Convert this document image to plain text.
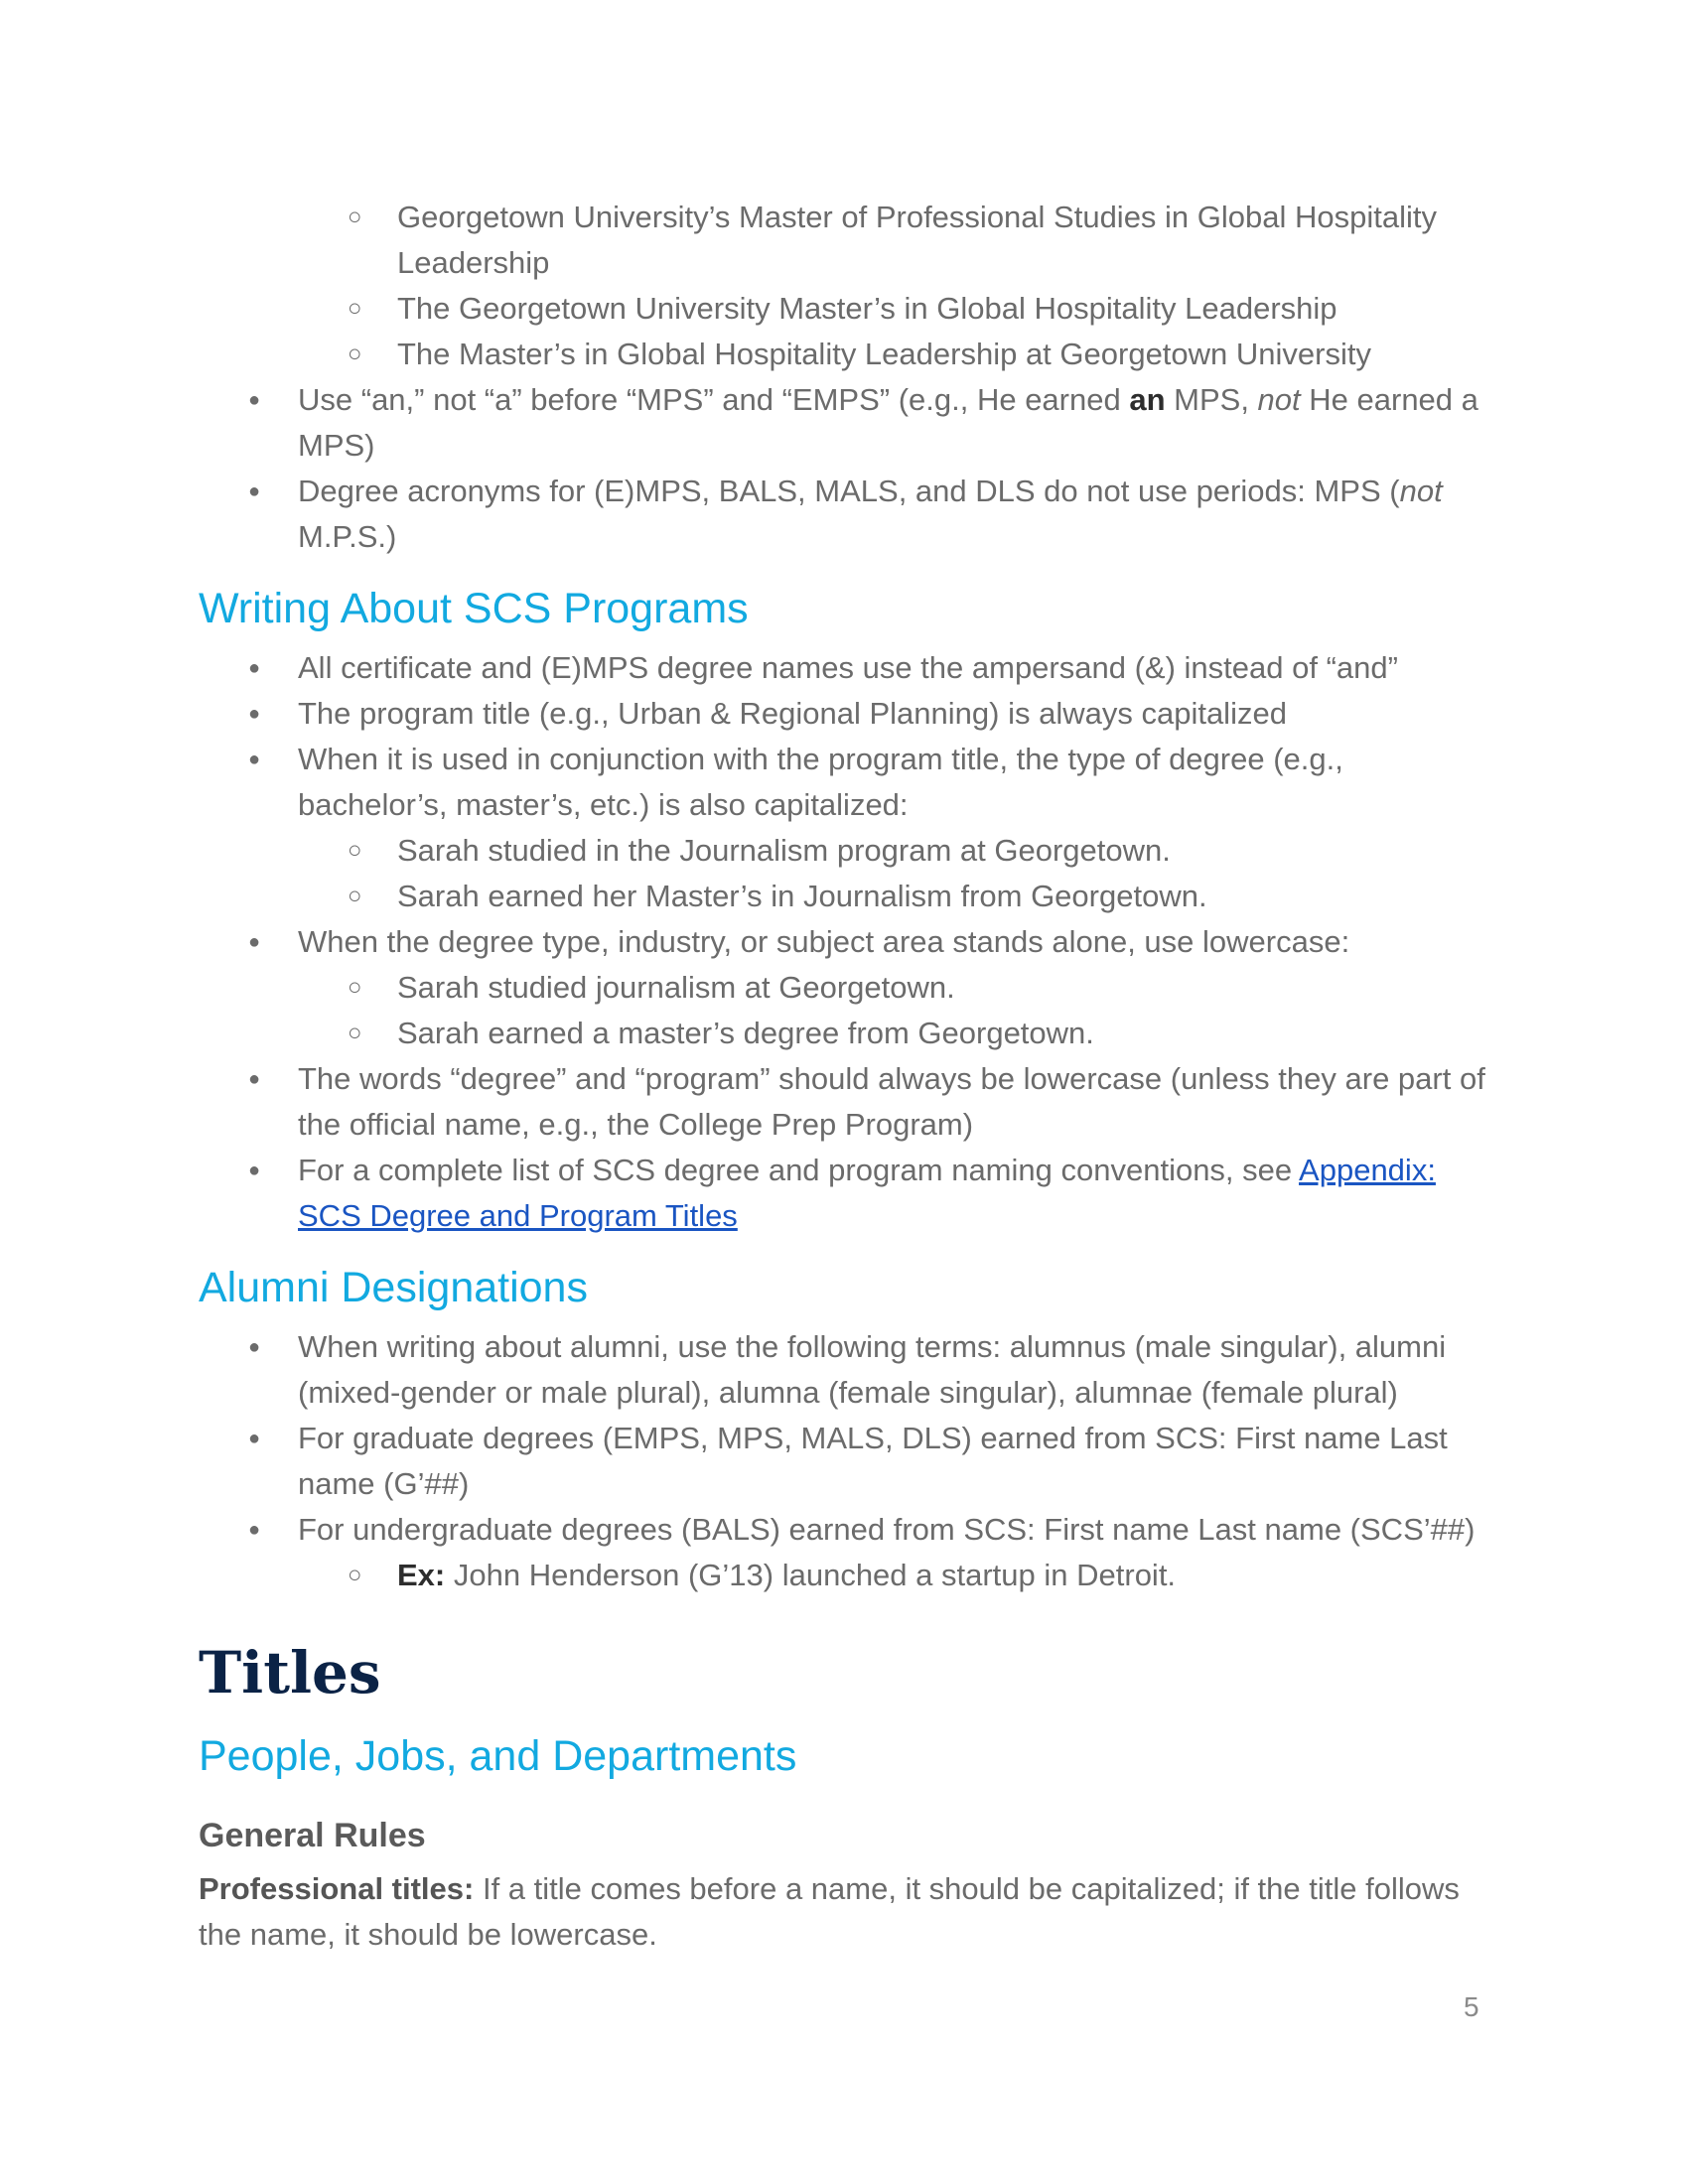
○ Georgetown University’s Master of Professional Studies in Global Hospitality Leadership
○ The Georgetown University Master’s in Global Hospitality Leadership
○ The Master’s in Global Hospitality Leadership at Georgetown University
● Use “an,” not “a” before “MPS” and “EMPS” (e.g., He earned an MPS, not He earned a MPS)
● Degree acronyms for (E)MPS, BALS, MALS, and DLS do not use periods: MPS (not M.P.S.)
Writing About SCS Programs
● All certificate and (E)MPS degree names use the ampersand (&) instead of “and”
● The program title (e.g., Urban & Regional Planning) is always capitalized
● When it is used in conjunction with the program title, the type of degree (e.g., bachelor’s, master’s, etc.) is also capitalized:
○ Sarah studied in the Journalism program at Georgetown.
○ Sarah earned her Master’s in Journalism from Georgetown.
● When the degree type, industry, or subject area stands alone, use lowercase:
○ Sarah studied journalism at Georgetown.
○ Sarah earned a master’s degree from Georgetown.
● The words “degree” and “program” should always be lowercase (unless they are part of the official name, e.g., the College Prep Program)
● For a complete list of SCS degree and program naming conventions, see Appendix: SCS Degree and Program Titles
Alumni Designations
● When writing about alumni, use the following terms: alumnus (male singular), alumni (mixed-gender or male plural), alumna (female singular), alumnae (female plural)
● For graduate degrees (EMPS, MPS, MALS, DLS) earned from SCS: First name Last name (G’##)
● For undergraduate degrees (BALS) earned from SCS: First name Last name (SCS’##)
○ Ex: John Henderson (G’13) launched a startup in Detroit.
Titles
People, Jobs, and Departments
General Rules
Professional titles: If a title comes before a name, it should be capitalized; if the title follows the name, it should be lowercase.
5
